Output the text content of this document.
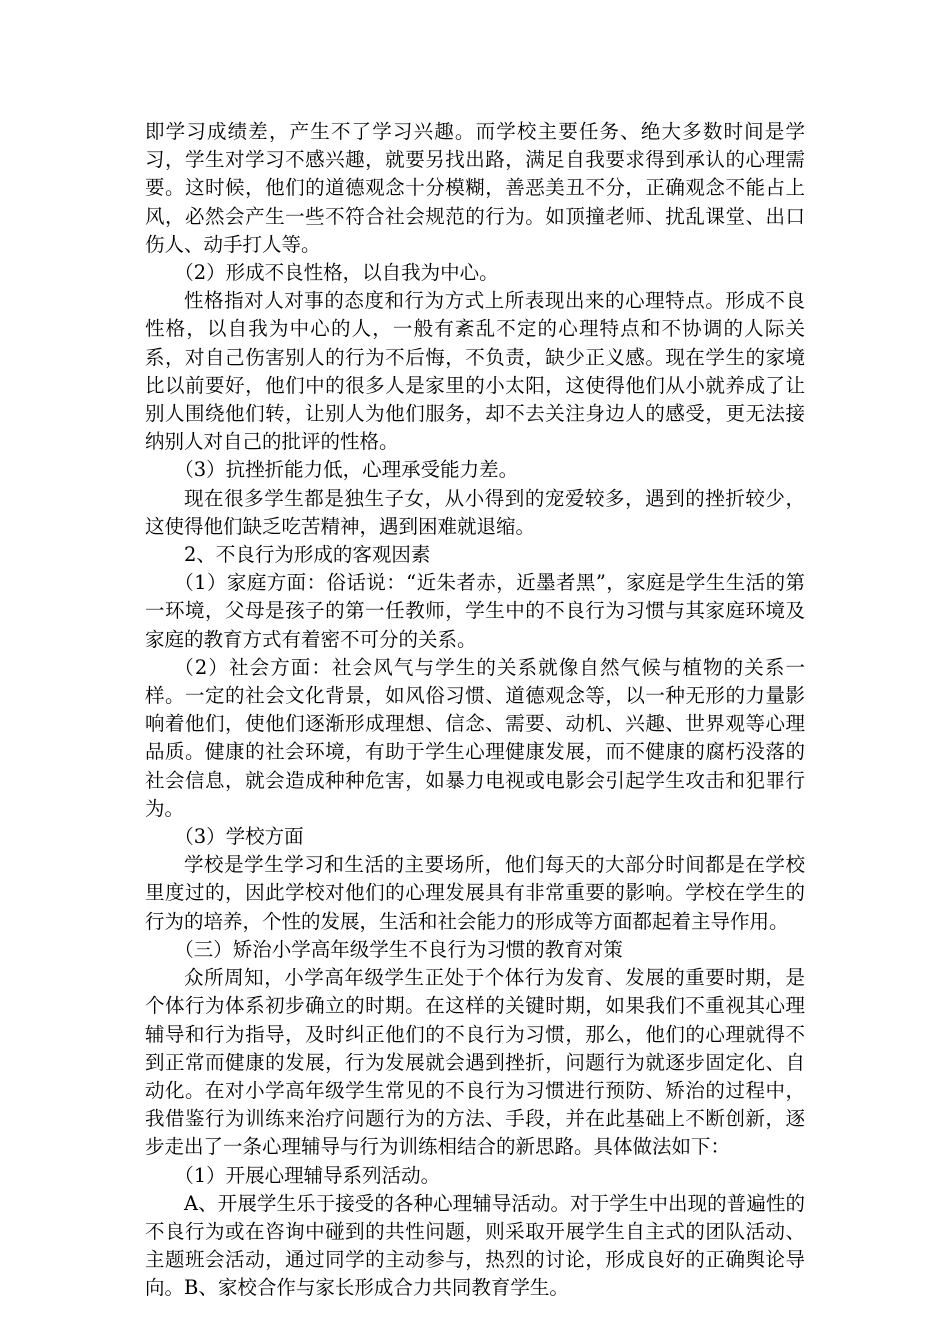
即学习成绩差，产生不了学习兴趣。而学校主要任务、绝大多数时间是学习，学生对学习不感兴趣，就要另找出路，满足自我要求得到承认的心理需要。这时候，他们的道德观念十分模糊，善恶美丑不分，正确观念不能占上风，必然会产生一些不符合社会规范的行为。如顶撞老师、扰乱课堂、出口伤人、动手打人等。

（2）形成不良性格，以自我为中心。

性格指对人对事的态度和行为方式上所表现出来的心理特点。形成不良性格，以自我为中心的人，一般有紊乱不定的心理特点和不协调的人际关系，对自己伤害别人的行为不后悔，不负责，缺少正义感。现在学生的家境比以前要好，他们中的很多人是家里的小太阳，这使得他们从小就养成了让别人围绕他们转，让别人为他们服务，却不去关注身边人的感受，更无法接纳别人对自己的批评的性格。

（3）抗挫折能力低，心理承受能力差。

现在很多学生都是独生子女，从小得到的宠爱较多，遇到的挫折较少，这使得他们缺乏吃苦精神，遇到困难就退缩。

2、不良行为形成的客观因素

（1）家庭方面：俗话说：“近朱者赤，近墨者黑”，家庭是学生生活的第一环境，父母是孩子的第一任教师，学生中的不良行为习惯与其家庭环境及家庭的教育方式有着密不可分的关系。

（2）社会方面：社会风气与学生的关系就像自然气候与植物的关系一样。一定的社会文化背景，如风俗习惯、道德观念等，以一种无形的力量影响着他们，使他们逐渐形成理想、信念、需要、动机、兴趣、世界观等心理品质。健康的社会环境，有助于学生心理健康发展，而不健康的腐朽没落的社会信息，就会造成种种危害，如暴力电视或电影会引起学生攻击和犯罪行为。

（3）学校方面

学校是学生学习和生活的主要场所，他们每天的大部分时间都是在学校里度过的，因此学校对他们的心理发展具有非常重要的影响。学校在学生的行为的培养，个性的发展，生活和社会能力的形成等方面都起着主导作用。

（三）矫治小学高年级学生不良行为习惯的教育对策

众所周知，小学高年级学生正处于个体行为发育、发展的重要时期，是个体行为体系初步确立的时期。在这样的关键时期，如果我们不重视其心理辅导和行为指导，及时纠正他们的不良行为习惯，那么，他们的心理就得不到正常而健康的发展，行为发展就会遇到挫折，问题行为就逐步固定化、自动化。在对小学高年级学生常见的不良行为习惯进行预防、矫治的过程中，我借鉴行为训练来治疗问题行为的方法、手段，并在此基础上不断创新，逐步走出了一条心理辅导与行为训练相结合的新思路。具体做法如下：

（1）开展心理辅导系列活动。

A、开展学生乐于接受的各种心理辅导活动。对于学生中出现的普遍性的不良行为或在咨询中碰到的共性问题，则采取开展学生自主式的团队活动、主题班会活动，通过同学的主动参与，热烈的讨论，形成良好的正确舆论导向。B、家校合作与家长形成合力共同教育学生。
